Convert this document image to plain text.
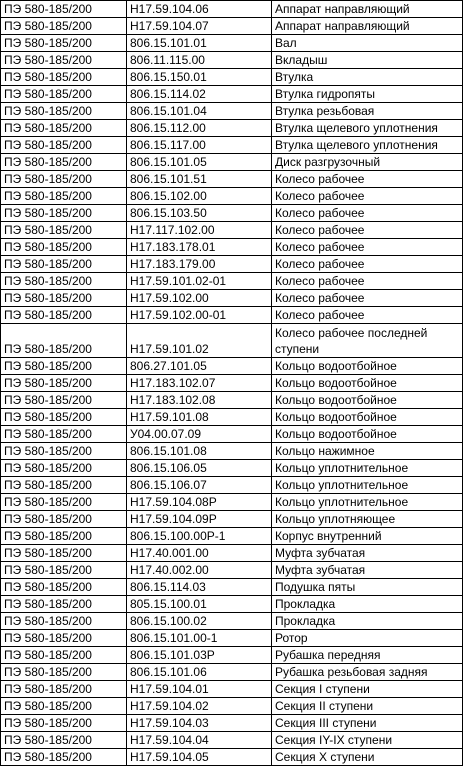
ПЭ 580-185/200	Н17.59.104.06	Аппарат направляющий
ПЭ 580-185/200	Н17.59.104.07	Аппарат направляющий
ПЭ 580-185/200	806.15.101.01	Вал
ПЭ 580-185/200	806.11.115.00	Вкладыш
ПЭ 580-185/200	806.15.150.01	Втулка
ПЭ 580-185/200	806.15.114.02	Втулка гидропяты
ПЭ 580-185/200	806.15.101.04	Втулка резьбовая
ПЭ 580-185/200	806.15.112.00	Втулка щелевого уплотнения
ПЭ 580-185/200	806.15.117.00	Втулка щелевого уплотнения
ПЭ 580-185/200	806.15.101.05	Диск разгрузочный
ПЭ 580-185/200	806.15.101.51	Колесо рабочее
ПЭ 580-185/200	806.15.102.00	Колесо рабочее
ПЭ 580-185/200	806.15.103.50	Колесо рабочее
ПЭ 580-185/200	Н17.117.102.00	Колесо рабочее
ПЭ 580-185/200	Н17.183.178.01	Колесо рабочее
ПЭ 580-185/200	Н17.183.179.00	Колесо рабочее
ПЭ 580-185/200	Н17.59.101.02-01	Колесо рабочее
ПЭ 580-185/200	Н17.59.102.00	Колесо рабочее
ПЭ 580-185/200	Н17.59.102.00-01	Колесо рабочее
ПЭ 580-185/200	Н17.59.101.02	Колесо рабочее последней ступени
ПЭ 580-185/200	806.27.101.05	Кольцо водоотбойное
ПЭ 580-185/200	Н17.183.102.07	Кольцо водоотбойное
ПЭ 580-185/200	Н17.183.102.08	Кольцо водоотбойное
ПЭ 580-185/200	Н17.59.101.08	Кольцо водоотбойное
ПЭ 580-185/200	У04.00.07.09	Кольцо водоотбойное
ПЭ 580-185/200	806.15.101.08	Кольцо нажимное
ПЭ 580-185/200	806.15.106.05	Кольцо уплотнительное
ПЭ 580-185/200	806.15.106.07	Кольцо уплотнительное
ПЭ 580-185/200	Н17.59.104.08Р	Кольцо уплотнительное
ПЭ 580-185/200	Н17.59.104.09Р	Кольцо уплотняющее
ПЭ 580-185/200	806.15.100.00Р-1	Корпус внутренний
ПЭ 580-185/200	Н17.40.001.00	Муфта зубчатая
ПЭ 580-185/200	Н17.40.002.00	Муфта зубчатая
ПЭ 580-185/200	806.15.114.03	Подушка пяты
ПЭ 580-185/200	805.15.100.01	Прокладка
ПЭ 580-185/200	806.15.100.02	Прокладка
ПЭ 580-185/200	806.15.101.00-1	Ротор
ПЭ 580-185/200	806.15.101.03Р	Рубашка передняя
ПЭ 580-185/200	806.15.101.06	Рубашка резьбовая задняя
ПЭ 580-185/200	Н17.59.104.01	Секция I ступени
ПЭ 580-185/200	Н17.59.104.02	Секция II ступени
ПЭ 580-185/200	Н17.59.104.03	Секция III ступени
ПЭ 580-185/200	Н17.59.104.04	Секция IY-IX ступени
ПЭ 580-185/200	Н17.59.104.05	Секция X ступени
